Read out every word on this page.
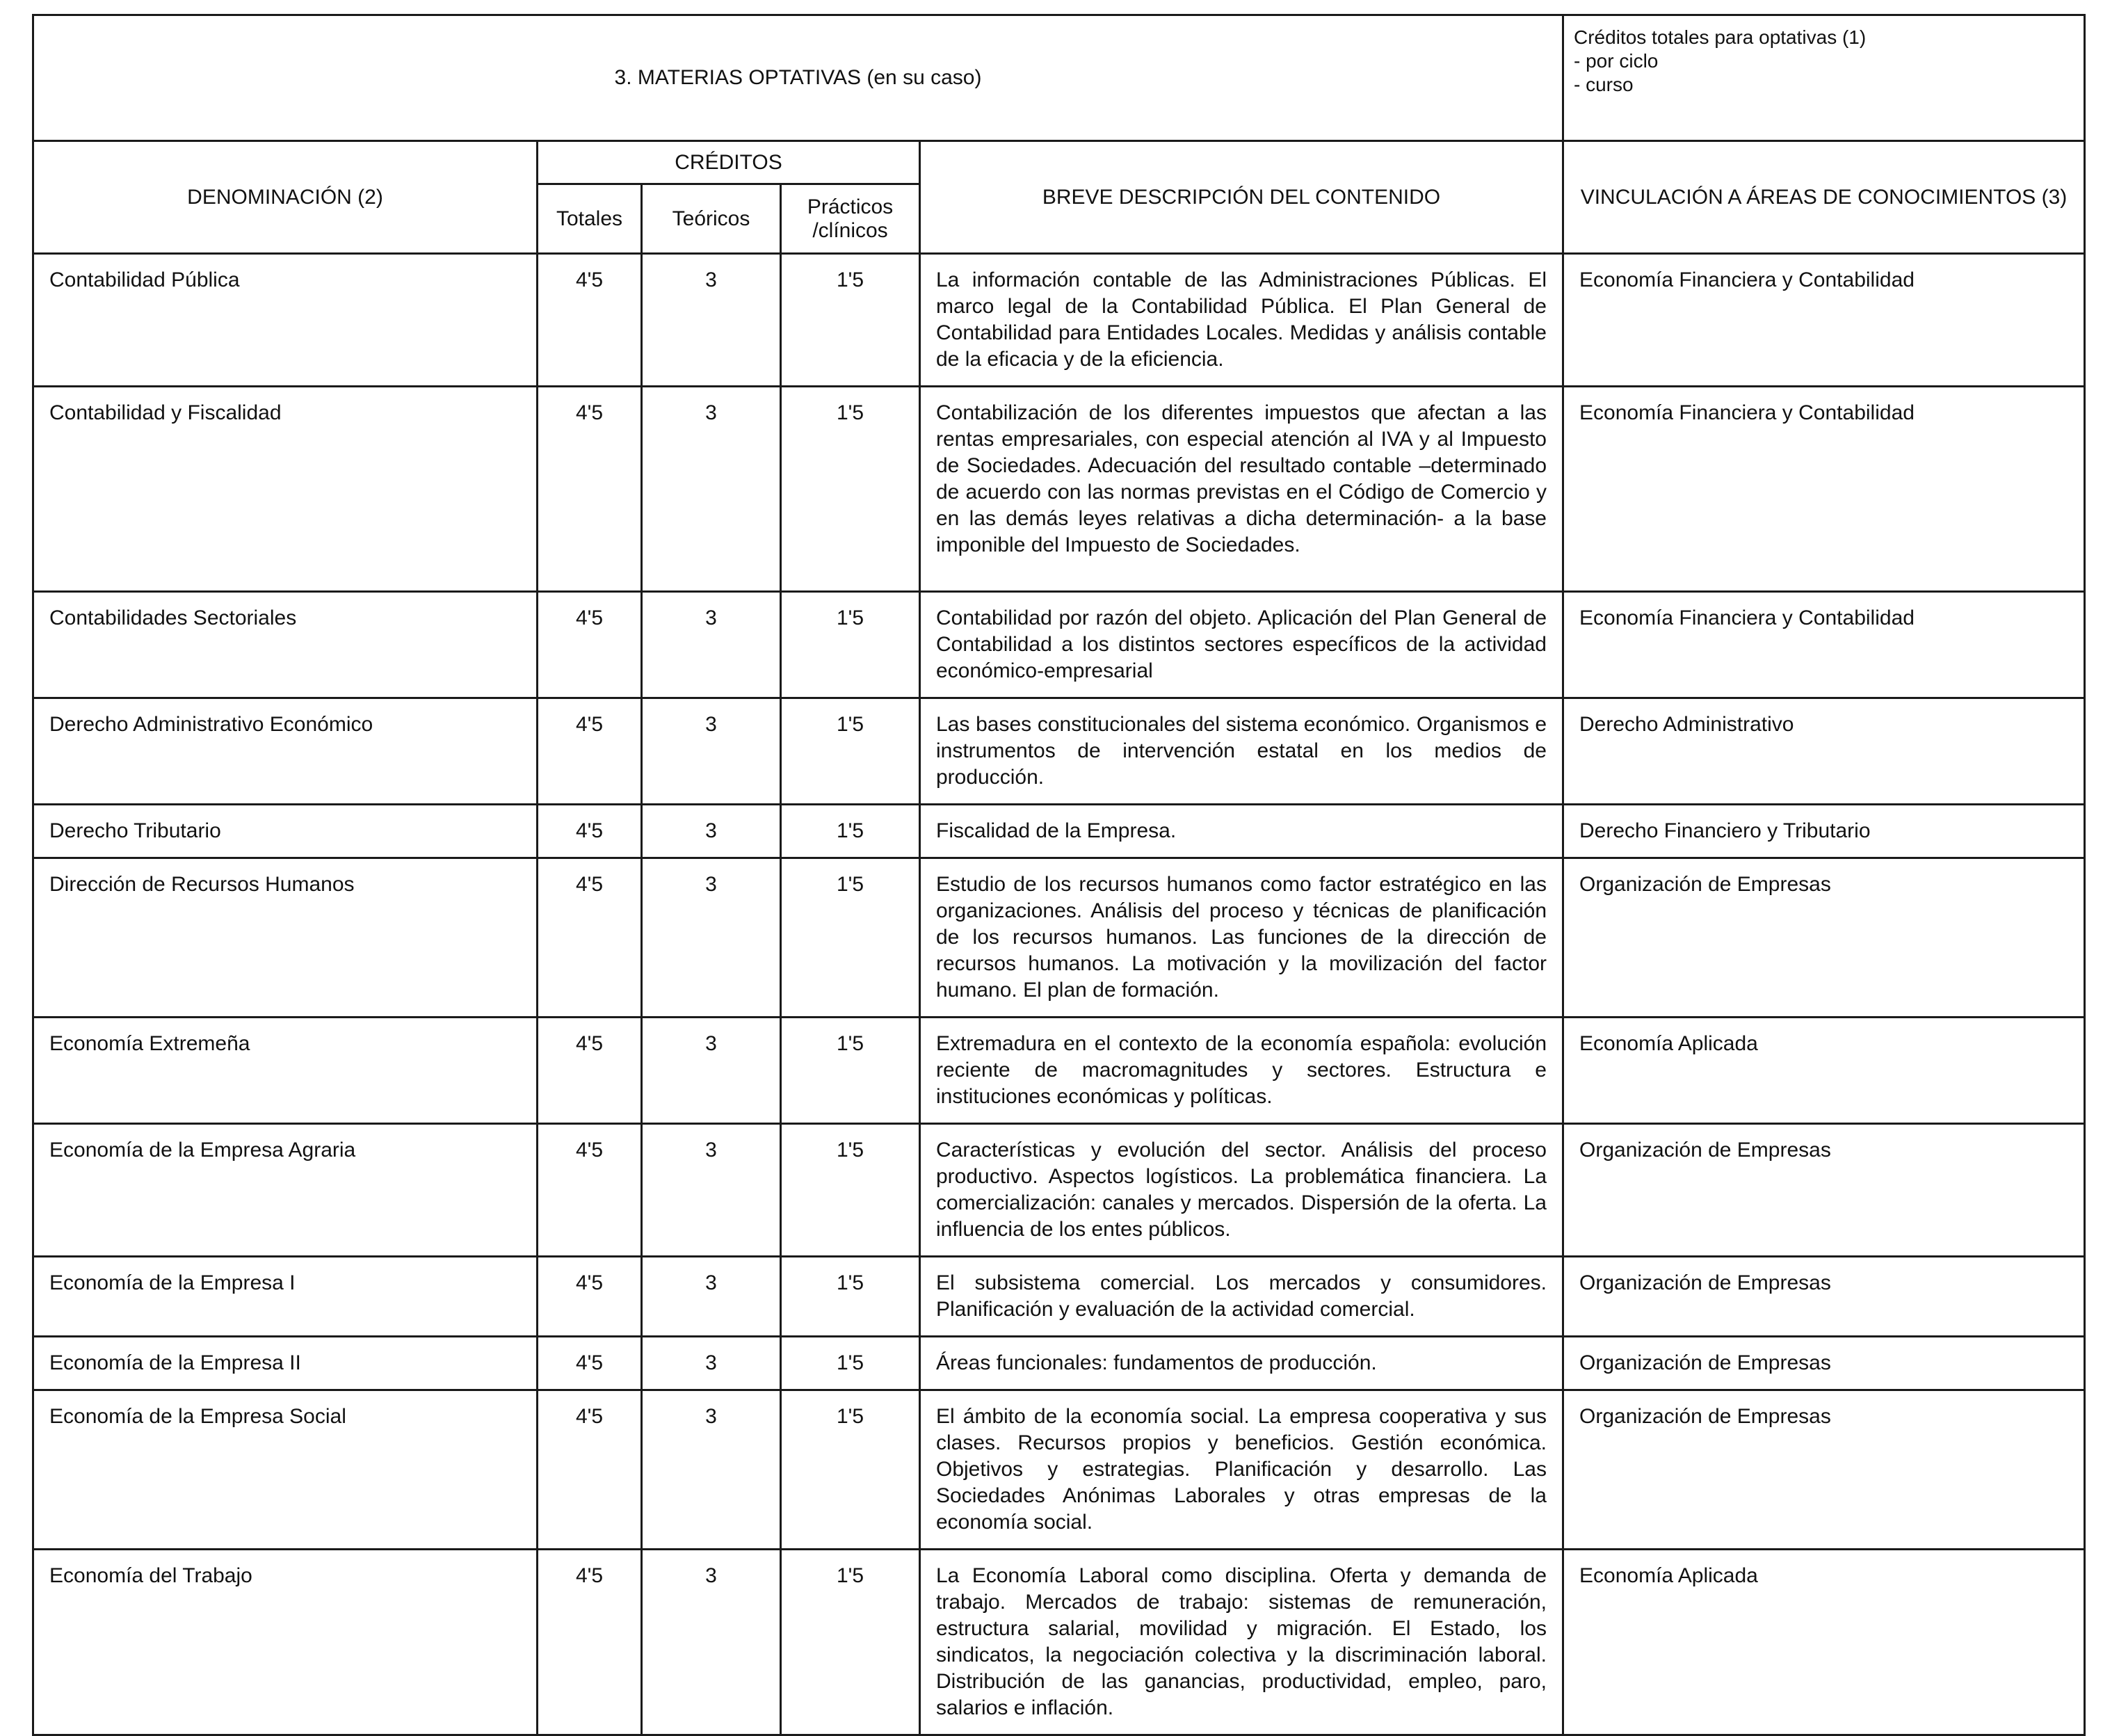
3. MATERIAS OPTATIVAS (en su caso)					Créditos totales para optativas (1)
- por ciclo
- curso

DENOMINACIÓN (2)	CRÉDITOS			BREVE DESCRIPCIÓN DEL CONTENIDO	VINCULACIÓN A ÁREAS DE CONOCIMIENTOS (3)
	Totales	Teóricos	Prácticos
/clínicos		

Contabilidad Pública	4'5	3	1'5	La información contable de las Administraciones Públicas. El marco legal de la Contabilidad Pública. El Plan General de Contabilidad para Entidades Locales. Medidas y análisis contable de la eficacia y de la eficiencia.	Economía Financiera y Contabilidad
Contabilidad y Fiscalidad	4'5	3	1'5	Contabilización de los diferentes impuestos que afectan a las rentas empresariales, con especial atención al IVA y al Impuesto de Sociedades. Adecuación del resultado contable –determinado de acuerdo con las normas previstas en el Código de Comercio y en las demás leyes relativas a dicha determinación- a la base imponible del Impuesto de Sociedades.	Economía Financiera y Contabilidad
Contabilidades Sectoriales	4'5	3	1'5	Contabilidad por razón del objeto. Aplicación del Plan General de Contabilidad a los distintos sectores específicos de la actividad económico-empresarial	Economía Financiera y Contabilidad
Derecho Administrativo Económico	4'5	3	1'5	Las bases constitucionales del sistema económico. Organismos e instrumentos de intervención estatal en los medios de producción.	Derecho Administrativo
Derecho Tributario	4'5	3	1'5	Fiscalidad de la Empresa.	Derecho Financiero y Tributario
Dirección de Recursos Humanos	4'5	3	1'5	Estudio de los recursos humanos como factor estratégico en las organizaciones. Análisis del proceso y técnicas de planificación de los recursos humanos. Las funciones de la dirección de recursos humanos. La motivación y la movilización del factor humano. El plan de formación.	Organización de Empresas
Economía Extremeña	4'5	3	1'5	Extremadura en el contexto de la economía española: evolución reciente de macromagnitudes y sectores. Estructura e instituciones económicas y políticas.	Economía Aplicada
Economía de la Empresa Agraria	4'5	3	1'5	Características y evolución del sector. Análisis del proceso productivo. Aspectos logísticos. La problemática financiera. La comercialización: canales y mercados. Dispersión de la oferta. La influencia de los entes públicos.	Organización de Empresas
Economía de la Empresa I	4'5	3	1'5	El subsistema comercial. Los mercados y consumidores. Planificación y evaluación de la actividad comercial.	Organización de Empresas
Economía de la Empresa II	4'5	3	1'5	Áreas funcionales: fundamentos de producción.	Organización de Empresas
Economía de la Empresa Social	4'5	3	1'5	El ámbito de la economía social. La empresa cooperativa y sus clases. Recursos propios y beneficios. Gestión económica. Objetivos y estrategias. Planificación y desarrollo. Las Sociedades Anónimas Laborales y otras empresas de la economía social.	Organización de Empresas
Economía del Trabajo	4'5	3	1'5	La Economía Laboral como disciplina. Oferta y demanda de trabajo. Mercados de trabajo: sistemas de remuneración, estructura salarial, movilidad y migración. El Estado, los sindicatos, la negociación colectiva y la discriminación laboral. Distribución de las ganancias, productividad, empleo, paro, salarios e inflación.	Economía Aplicada
